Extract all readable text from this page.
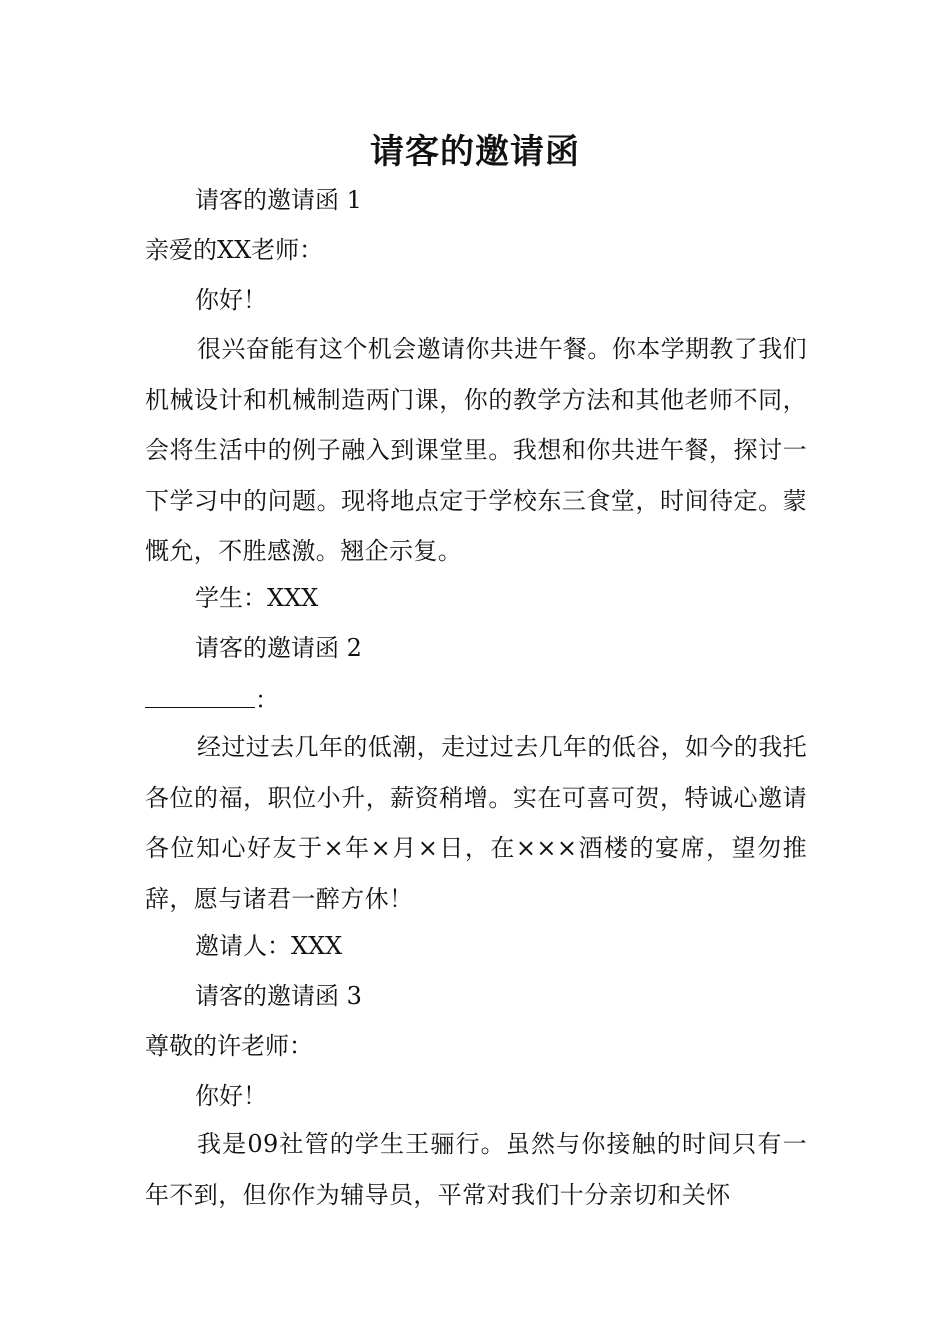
请客的邀请函
请客的邀请函 1
亲爱的XX老师：
你好！
很兴奋能有这个机会邀请你共进午餐。你本学期教了我们机械设计和机械制造两门课，你的教学方法和其他老师不同，会将生活中的例子融入到课堂里。我想和你共进午餐，探讨一下学习中的问题。现将地点定于学校东三食堂，时间待定。蒙慨允，不胜感激。翘企示复。
学生：XXX
请客的邀请函 2
：
经过过去几年的低潮，走过过去几年的低谷，如今的我托各位的福，职位小升，薪资稍增。实在可喜可贺，特诚心邀请各位知心好友于×年×月×日，在×××酒楼的宴席，望勿推辞，愿与诸君一醉方休！
邀请人：XXX
请客的邀请函 3
尊敬的许老师：
你好！
我是09社管的学生王骊行。虽然与你接触的时间只有一年不到，但你作为辅导员，平常对我们十分亲切和关怀
